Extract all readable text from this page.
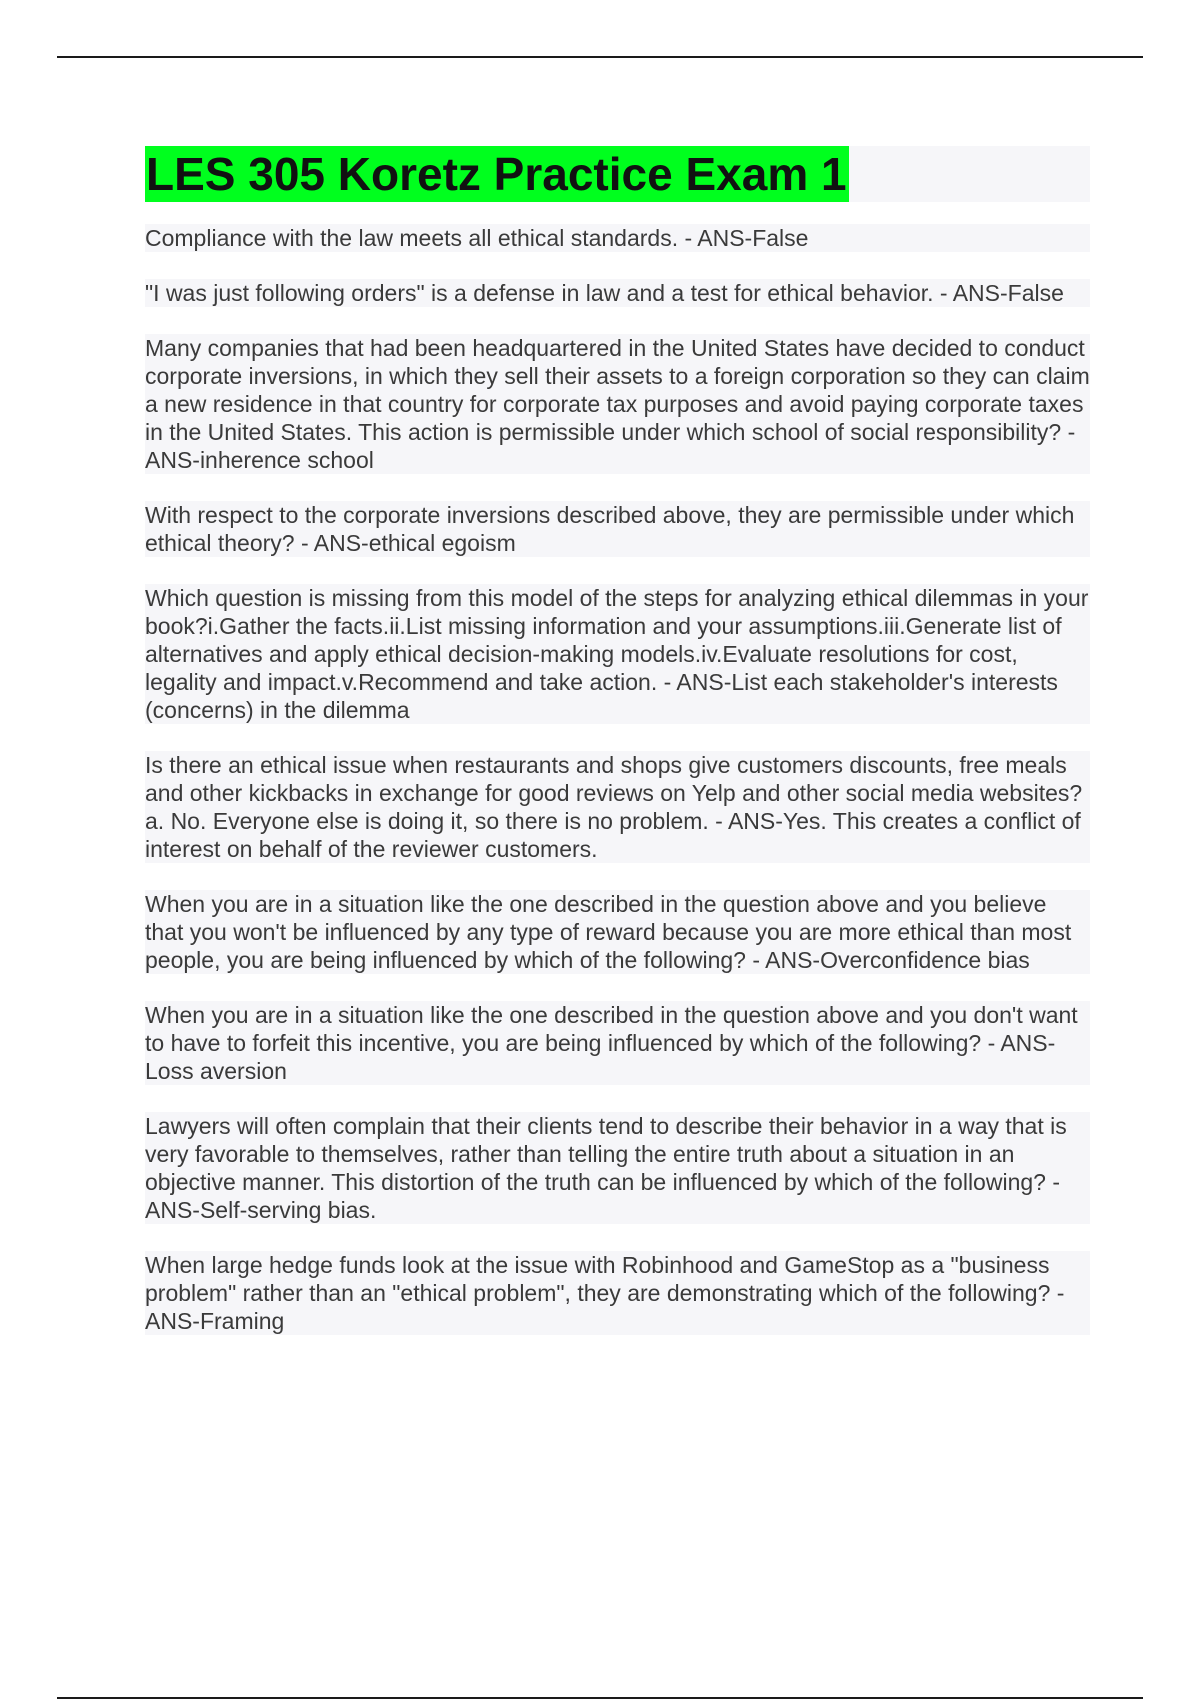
LES 305 Koretz Practice Exam 1

Compliance with the law meets all ethical standards. - ANS-False

"I was just following orders" is a defense in law and a test for ethical behavior. - ANS-False

Many companies that had been headquartered in the United States have decided to conduct corporate inversions, in which they sell their assets to a foreign corporation so they can claim a new residence in that country for corporate tax purposes and avoid paying corporate taxes in the United States. This action is permissible under which school of social responsibility? - ANS-inherence school

With respect to the corporate inversions described above, they are permissible under which ethical theory? - ANS-ethical egoism

Which question is missing from this model of the steps for analyzing ethical dilemmas in your book?i.Gather the facts.ii.List missing information and your assumptions.iii.Generate list of alternatives and apply ethical decision-making models.iv.Evaluate resolutions for cost, legality and impact.v.Recommend and take action. - ANS-List each stakeholder's interests (concerns) in the dilemma

Is there an ethical issue when restaurants and shops give customers discounts, free meals and other kickbacks in exchange for good reviews on Yelp and other social media websites?a. No. Everyone else is doing it, so there is no problem. - ANS-Yes. This creates a conflict of interest on behalf of the reviewer customers.

When you are in a situation like the one described in the question above and you believe that you won't be influenced by any type of reward because you are more ethical than most people, you are being influenced by which of the following? - ANS-Overconfidence bias

When you are in a situation like the one described in the question above and you don't want to have to forfeit this incentive, you are being influenced by which of the following? - ANS-Loss aversion

Lawyers will often complain that their clients tend to describe their behavior in a way that is very favorable to themselves, rather than telling the entire truth about a situation in an objective manner. This distortion of the truth can be influenced by which of the following? - ANS-Self-serving bias.

When large hedge funds look at the issue with Robinhood and GameStop as a "business problem" rather than an "ethical problem", they are demonstrating which of the following? - ANS-Framing
